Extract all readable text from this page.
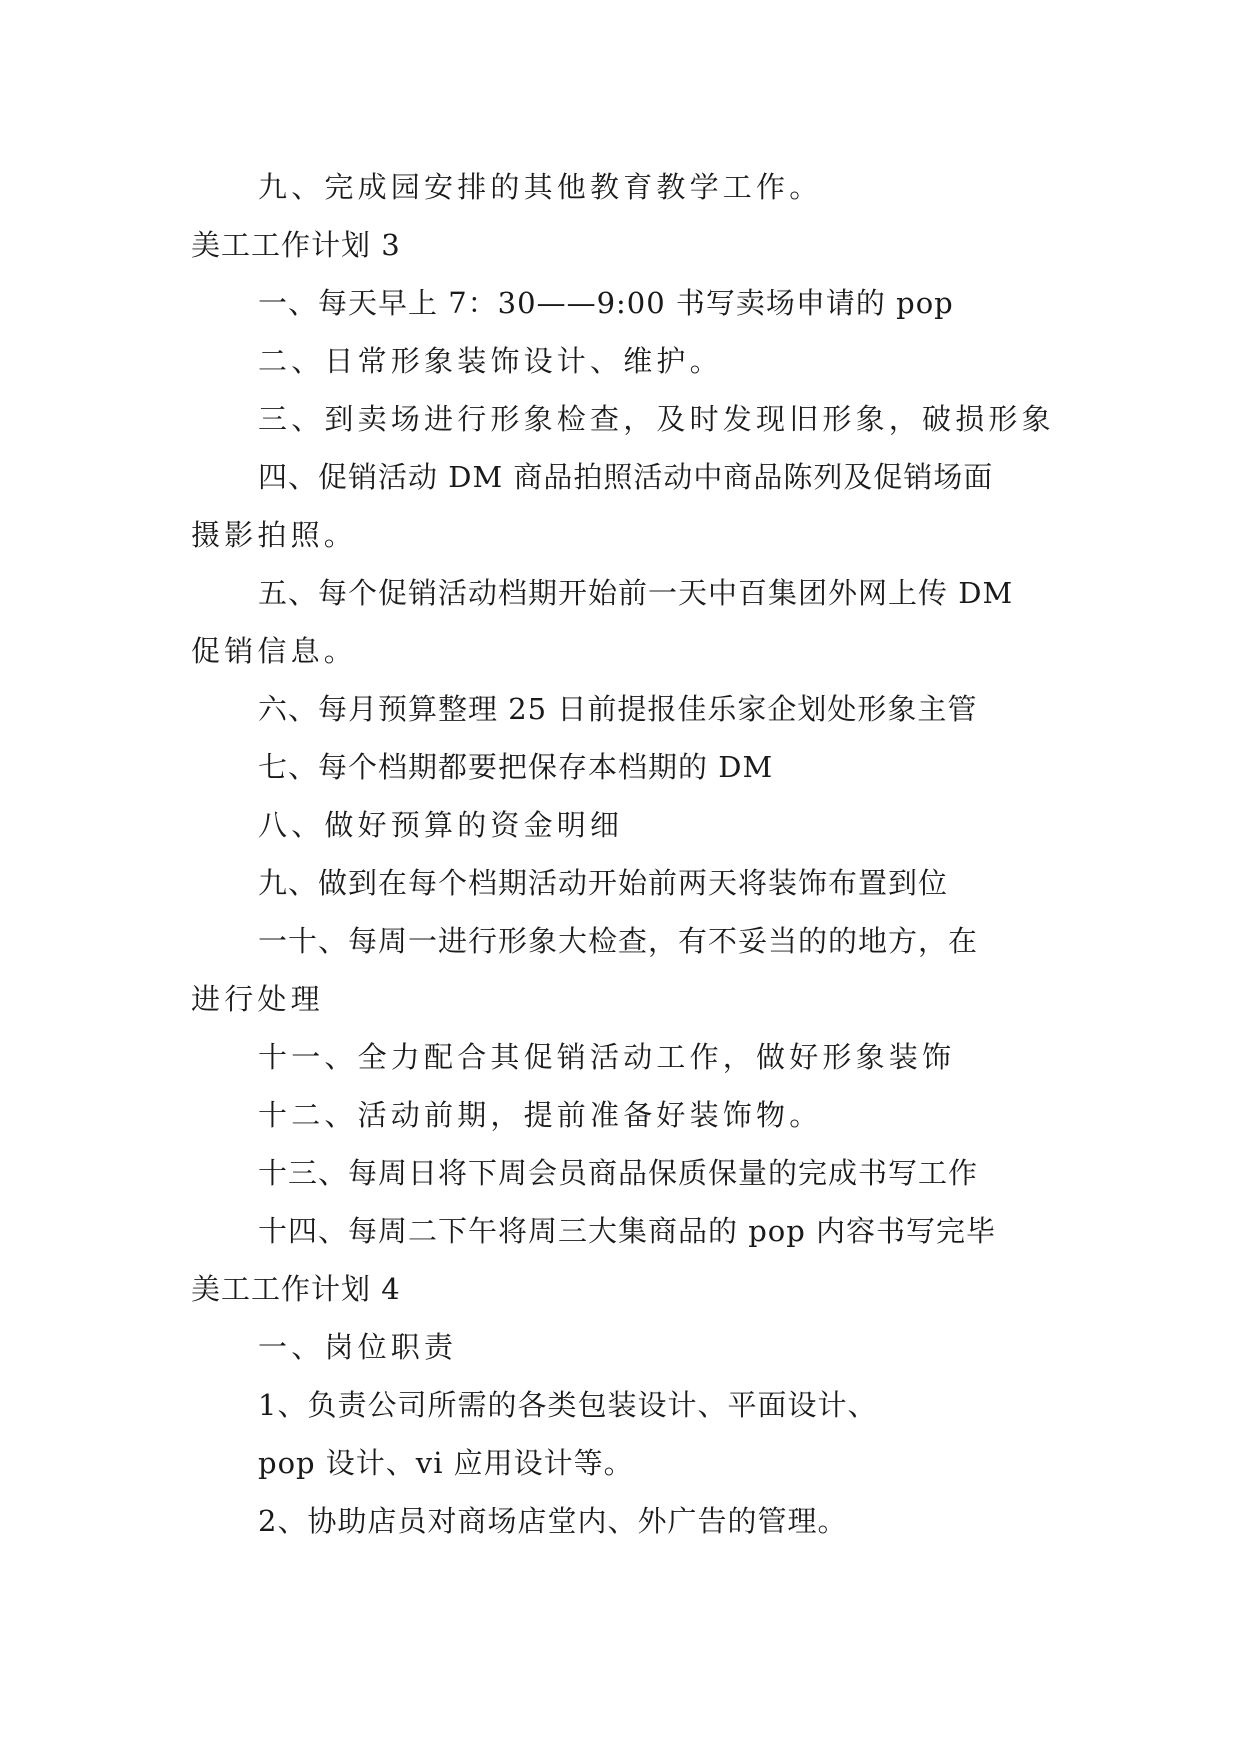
九、完成园安排的其他教育教学工作。
美工工作计划 3
一、每天早上 7：30——9:00 书写卖场申请的 pop
二、日常形象装饰设计、维护。
三、到卖场进行形象检查，及时发现旧形象，破损形象
四、促销活动 DM 商品拍照活动中商品陈列及促销场面
摄影拍照。
五、每个促销活动档期开始前一天中百集团外网上传 DM
促销信息。
六、每月预算整理 25 日前提报佳乐家企划处形象主管
七、每个档期都要把保存本档期的 DM
八、做好预算的资金明细
九、做到在每个档期活动开始前两天将装饰布置到位
一十、每周一进行形象大检查，有不妥当的的地方，在
进行处理
十一、全力配合其促销活动工作，做好形象装饰
十二、活动前期，提前准备好装饰物。
十三、每周日将下周会员商品保质保量的完成书写工作
十四、每周二下午将周三大集商品的 pop 内容书写完毕
美工工作计划 4
一、岗位职责
1、负责公司所需的各类包装设计、平面设计、
pop 设计、vi 应用设计等。
2、协助店员对商场店堂内、外广告的管理。
